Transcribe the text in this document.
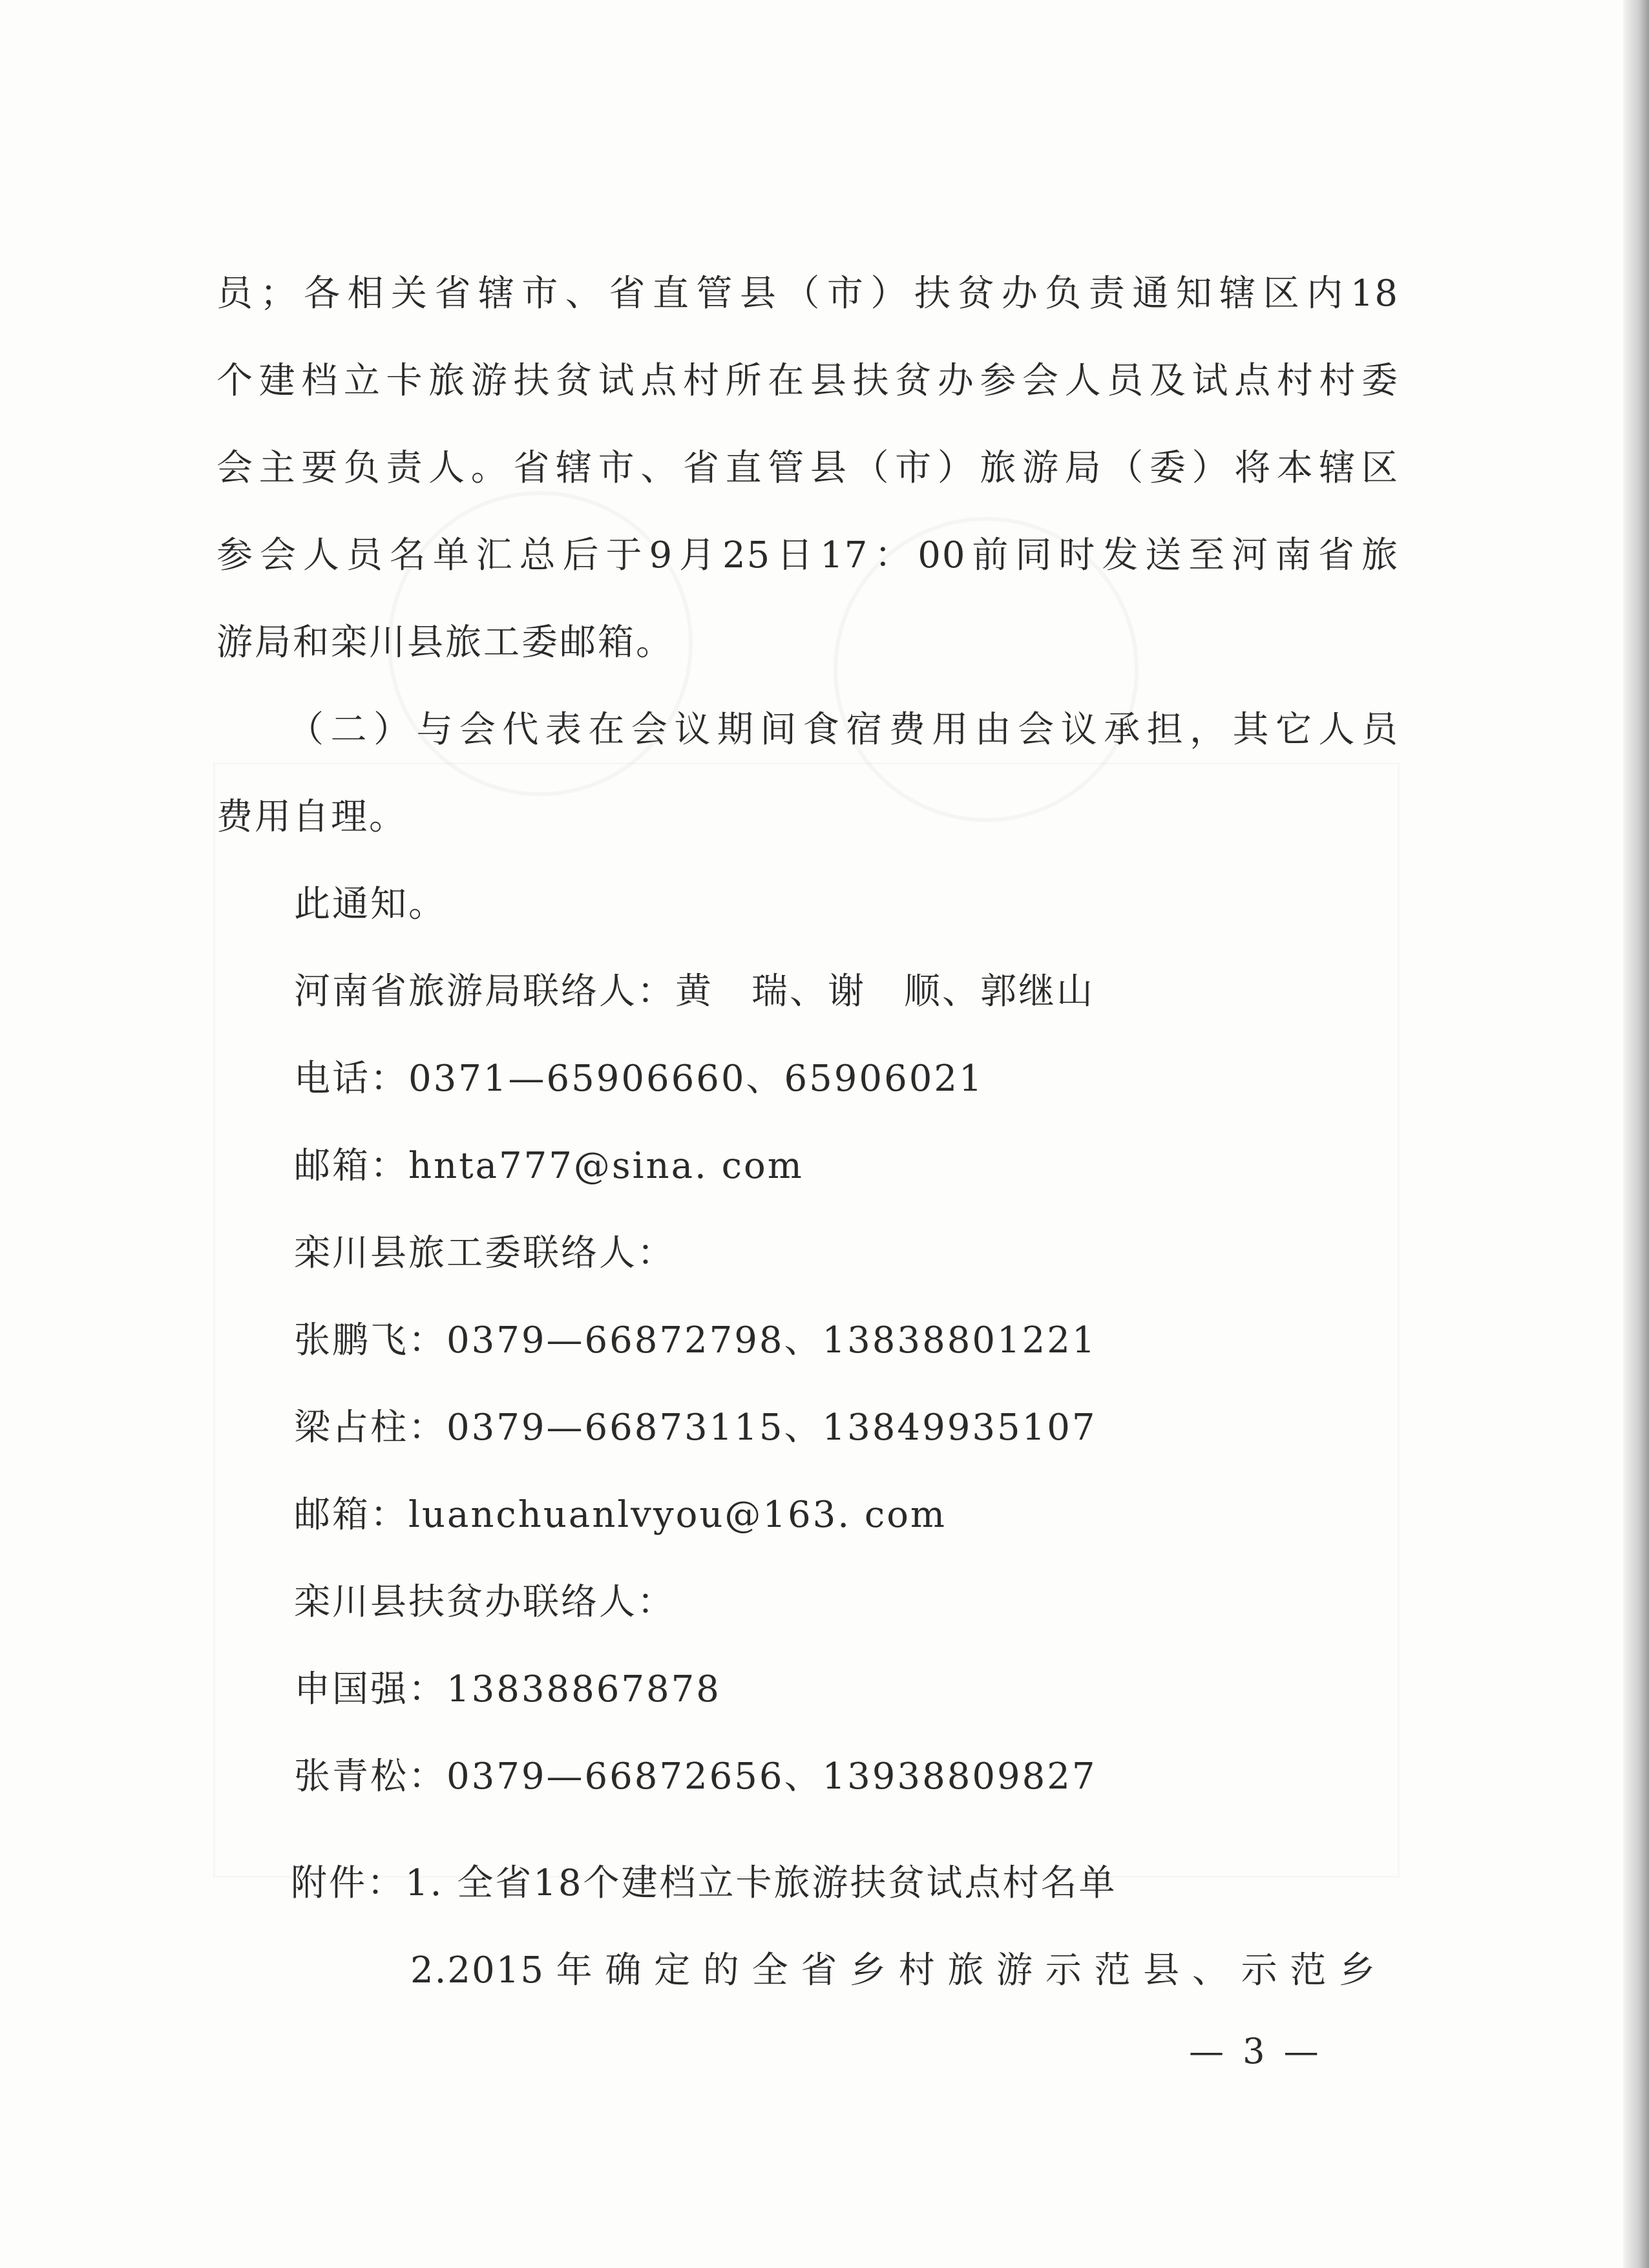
员；各相关省辖市、省直管县（市）扶贫办负责通知辖区内18
个建档立卡旅游扶贫试点村所在县扶贫办参会人员及试点村村委
会主要负责人。省辖市、省直管县（市）旅游局（委）将本辖区
参会人员名单汇总后于9月25日17：00前同时发送至河南省旅
游局和栾川县旅工委邮箱。
（二）与会代表在会议期间食宿费用由会议承担，其它人员
费用自理。
此通知。
河南省旅游局联络人：黄　瑞、谢　顺、郭继山
电话：0371—65906660、65906021
邮箱：hnta777@sina. com
栾川县旅工委联络人：
张鹏飞：0379—66872798、13838801221
梁占柱：0379—66873115、13849935107
邮箱：luanchuanlvyou@163. com
栾川县扶贫办联络人：
申国强：13838867878
张青松：0379—66872656、13938809827
附件：1. 全省18个建档立卡旅游扶贫试点村名单
2.2015年确定的全省乡村旅游示范县、示范乡
— 3 —
